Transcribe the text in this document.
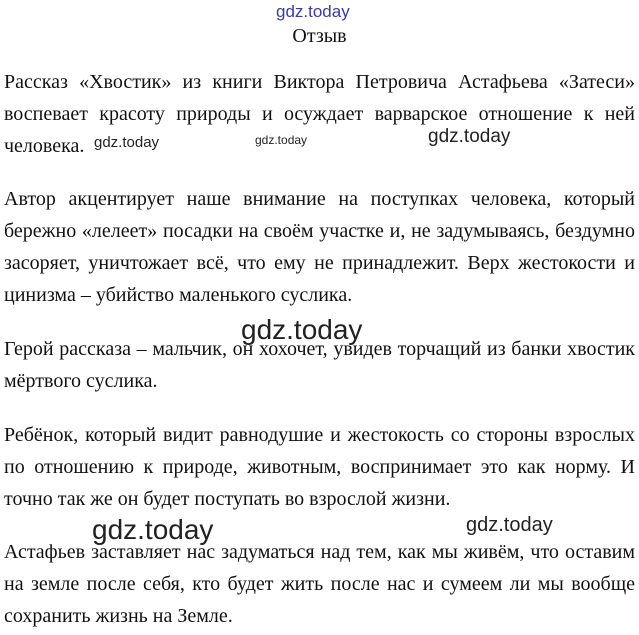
gdz.today
Отзыв

Рассказ «Хвостик» из книги Виктора Петровича Астафьева «Затеси» воспевает красоту природы и осуждает варварское отношение к ней человека.

Автор акцентирует наше внимание на поступках человека, который бережно «лелеет» посадки на своём участке и, не задумываясь, бездумно засоряет, уничтожает всё, что ему не принадлежит. Верх жестокости и цинизма – убийство маленького суслика.

Герой рассказа – мальчик, он хохочет, увидев торчащий из банки хвостик мёртвого суслика.

Ребёнок, который видит равнодушие и жестокость со стороны взрослых по отношению к природе, животным, воспринимает это как норму. И точно так же он будет поступать во взрослой жизни.

Астафьев заставляет нас задуматься над тем, как мы живём, что оставим на земле после себя, кто будет жить после нас и сумеем ли мы вообще сохранить жизнь на Земле.

gdz.today	gdz.today	gdz.today
gdz.today
gdz.today	gdz.today
